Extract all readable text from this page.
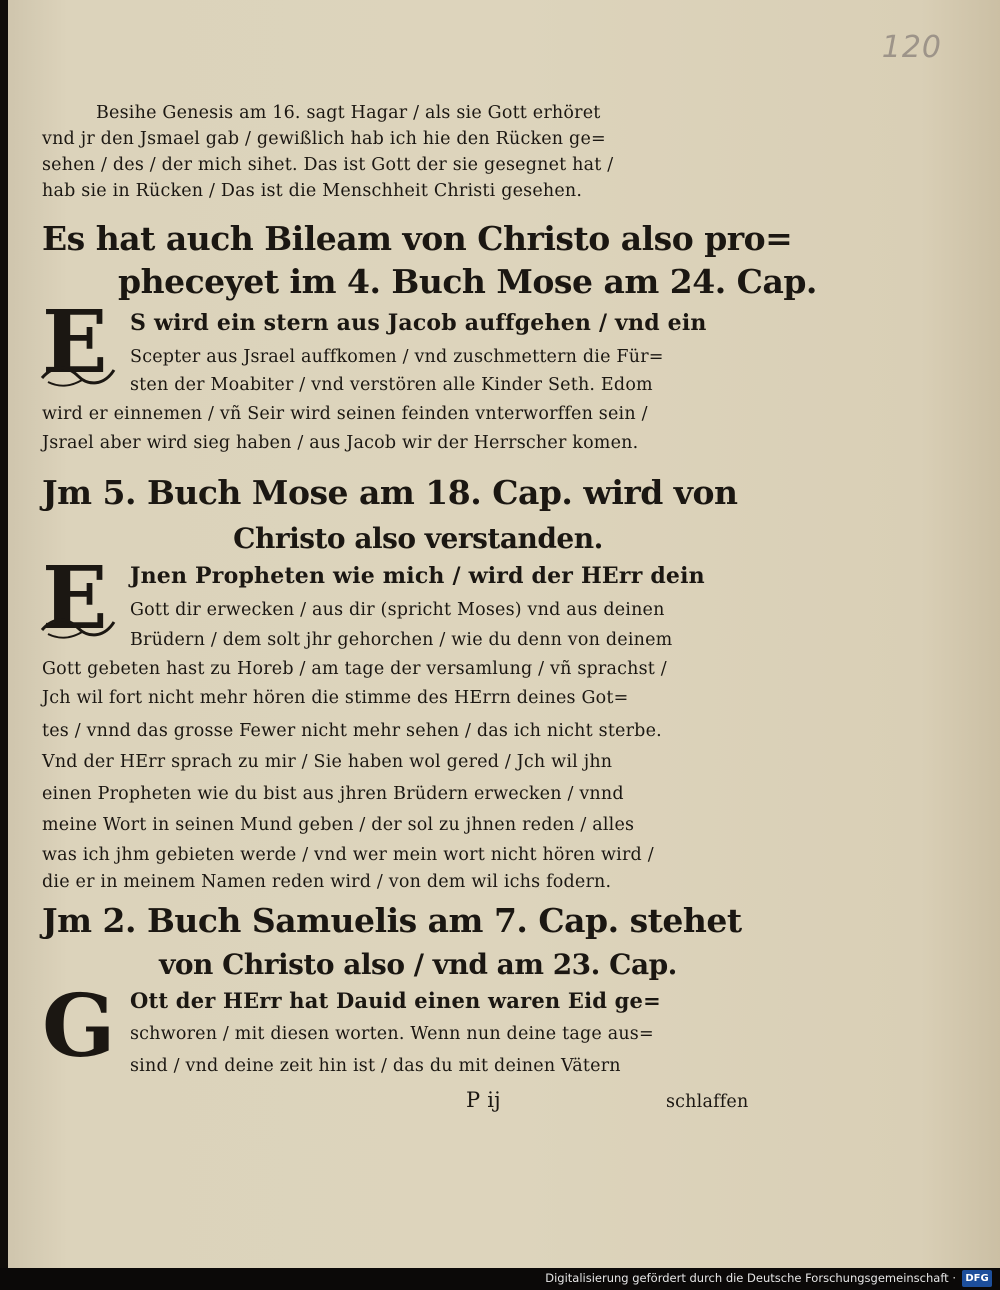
120
Besihe Genesis am 16. sagt Hagar / als sie Gott erhöret
vnd jr den Jsmael gab / gewißlich hab ich hie den Rücken ge=
sehen / des / der mich sihet. Das ist Gott der sie gesegnet hat /
hab sie in Rücken / Das ist die Menschheit Christi gesehen.
Es hat auch Bileam von Christo also pro=
pheceyet im 4. Buch Mose am 24. Cap.
E S wird ein stern aus Jacob auffgehen / vnd ein
Scepter aus Jsrael auffkomen / vnd zuschmettern die Für=
sten der Moabiter / vnd verstören alle Kinder Seth. Edom
wird er einnemen / vñ Seir wird seinen feinden vnterworffen sein /
Jsrael aber wird sieg haben / aus Jacob wir der Herrscher komen.
Jm 5. Buch Mose am 18. Cap. wird von
Christo also verstanden.
E Jnen Propheten wie mich / wird der HErr dein
Gott dir erwecken / aus dir (spricht Moses) vnd aus deinen
Brüdern / dem solt jhr gehorchen / wie du denn von deinem
Gott gebeten hast zu Horeb / am tage der versamlung / vñ sprachst /
Jch wil fort nicht mehr hören die stimme des HErrn deines Got=
tes / vnnd das grosse Fewer nicht mehr sehen / das ich nicht sterbe.
Vnd der HErr sprach zu mir / Sie haben wol gered / Jch wil jhn
einen Propheten wie du bist aus jhren Brüdern erwecken / vnnd
meine Wort in seinen Mund geben / der sol zu jhnen reden / alles
was ich jhm gebieten werde / vnd wer mein wort nicht hören wird /
die er in meinem Namen reden wird / von dem wil ichs fodern.
Jm 2. Buch Samuelis am 7. Cap. stehet
von Christo also / vnd am 23. Cap.
G Ott der HErr hat Dauid einen waren Eid ge=
schworen / mit diesen worten. Wenn nun deine tage aus=
sind / vnd deine zeit hin ist / das du mit deinen Vätern
P ij	schlaffen
Digitalisierung gefördert durch die Deutsche Forschungsgemeinschaft · DFG
